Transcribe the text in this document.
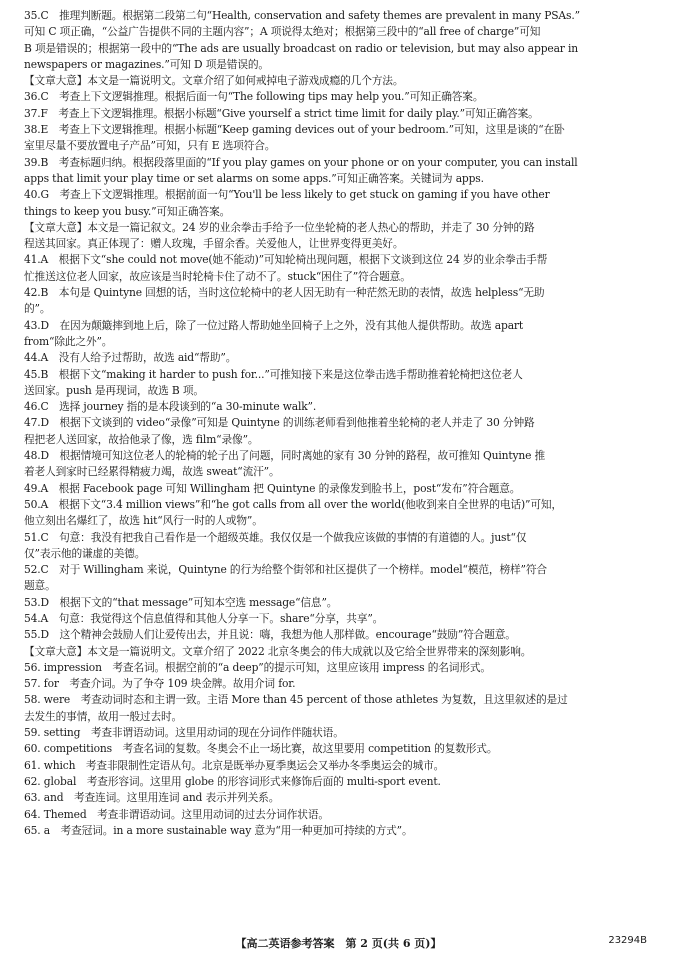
35.C　推理判断题。根据第二段第二句“Health, conservation and safety themes are prevalent in many PSAs.”
可知 C 项正确，“公益广告提供不同的主题内容”；A 项说得太绝对；根据第三段中的“all free of charge”可知
B 项是错误的；根据第一段中的“The ads are usually broadcast on radio or television, but may also appear in
newspapers or magazines.”可知 D 项是错误的。
【文章大意】本文是一篇说明文。文章介绍了如何戒掉电子游戏成瘾的几个方法。
36.C　考查上下文逻辑推理。根据后面一句“The following tips may help you.”可知正确答案。
37.F　考查上下文逻辑推理。根据小标题“Give yourself a strict time limit for daily play.”可知正确答案。
38.E　考查上下文逻辑推理。根据小标题“Keep gaming devices out of your bedroom.”可知，这里是谈的“在卧
室里尽量不要放置电子产品”可知，只有 E 选项符合。
39.B　考查标题归纳。根据段落里面的“If you play games on your phone or on your computer, you can install
apps that limit your play time or set alarms on some apps.”可知正确答案。关键词为 apps.
40.G　考查上下文逻辑推理。根据前面一句“You'll be less likely to get stuck on gaming if you have other
things to keep you busy.”可知正确答案。
【文章大意】本文是一篇记叙文。24 岁的业余拳击手给予一位坐轮椅的老人热心的帮助，并走了 30 分钟的路
程送其回家。真正体现了：赠人玫瑰，手留余香。关爱他人，让世界变得更美好。
41.A　根据下文“she could not move(她不能动)”可知轮椅出现问题，根据下文谈到这位 24 岁的业余拳击手帮
忙推送这位老人回家，故应该是当时轮椅卡住了动不了。stuck“困住了”符合题意。
42.B　本句是 Quintyne 回想的话，当时这位轮椅中的老人因无助有一种茫然无助的表情，故选 helpless“无助
的”。
43.D　在因为颠簸摔到地上后，除了一位过路人帮助她坐回椅子上之外，没有其他人提供帮助。故选 apart
from“除此之外”。
44.A　没有人给予过帮助，故选 aid“帮助”。
45.B　根据下文“making it harder to push for...”可推知接下来是这位拳击选手帮助推着轮椅把这位老人
送回家。push 是再现词，故选 B 项。
46.C　选择 journey 指的是本段谈到的“a 30-minute walk”.
47.D　根据下文谈到的 video“录像”可知是 Quintyne 的训练老师看到他推着坐轮椅的老人并走了 30 分钟路
程把老人送回家，故拾他录了像，选 film“录像”。
48.D　根据情境可知这位老人的轮椅的轮子出了问题，同时离她的家有 30 分钟的路程，故可推知 Quintyne 推
着老人到家时已经累得精疲力竭，故选 sweat“流汗”。
49.A　根据 Facebook page 可知 Willingham 把 Quintyne 的录像发到脸书上，post“发布”符合题意。
50.A　根据下文“3.4 million views”和“he got calls from all over the world(他收到来自全世界的电话)”可知，
他立刻出名爆红了，故选 hit“风行一时的人或物”。
51.C　句意：我没有把我自己看作是一个超级英雄。我仅仅是一个做我应该做的事情的有道德的人。just“仅
仅”表示他的谦虚的美德。
52.C　对于 Willingham 来说，Quintyne 的行为给整个街邻和社区提供了一个榜样。model“模范，榜样”符合
题意。
53.D　根据下文的“that message”可知本空选 message“信息”。
54.A　句意：我觉得这个信息值得和其他人分享一下。share“分享，共享”。
55.D　这个精神会鼓励人们让爱传出去，并且说：嗨，我想为他人那样做。encourage“鼓励”符合题意。
【文章大意】本文是一篇说明文。文章介绍了 2022 北京冬奥会的伟大成就以及它给全世界带来的深刻影响。
56. impression　考查名词。根据空前的“a deep”的提示可知，这里应该用 impress 的名词形式。
57. for　考查介词。为了争夺 109 块金牌。故用介词 for.
58. were　考查动词时态和主谓一致。主语 More than 45 percent of those athletes 为复数，且这里叙述的是过
去发生的事情，故用一般过去时。
59. setting　考查非谓语动词。这里用动词的现在分词作伴随状语。
60. competitions　考查名词的复数。冬奥会不止一场比赛，故这里要用 competition 的复数形式。
61. which　考查非限制性定语从句。北京是既举办夏季奥运会又举办冬季奥运会的城市。
62. global　考查形容词。这里用 globe 的形容词形式来修饰后面的 multi-sport event.
63. and　考查连词。这里用连词 and 表示并列关系。
64. Themed　考查非谓语动词。这里用动词的过去分词作状语。
65. a　考查冠词。in a more sustainable way 意为“用一种更加可持续的方式”。
【高二英语参考答案　第 2 页(共 6 页)】	23294B
